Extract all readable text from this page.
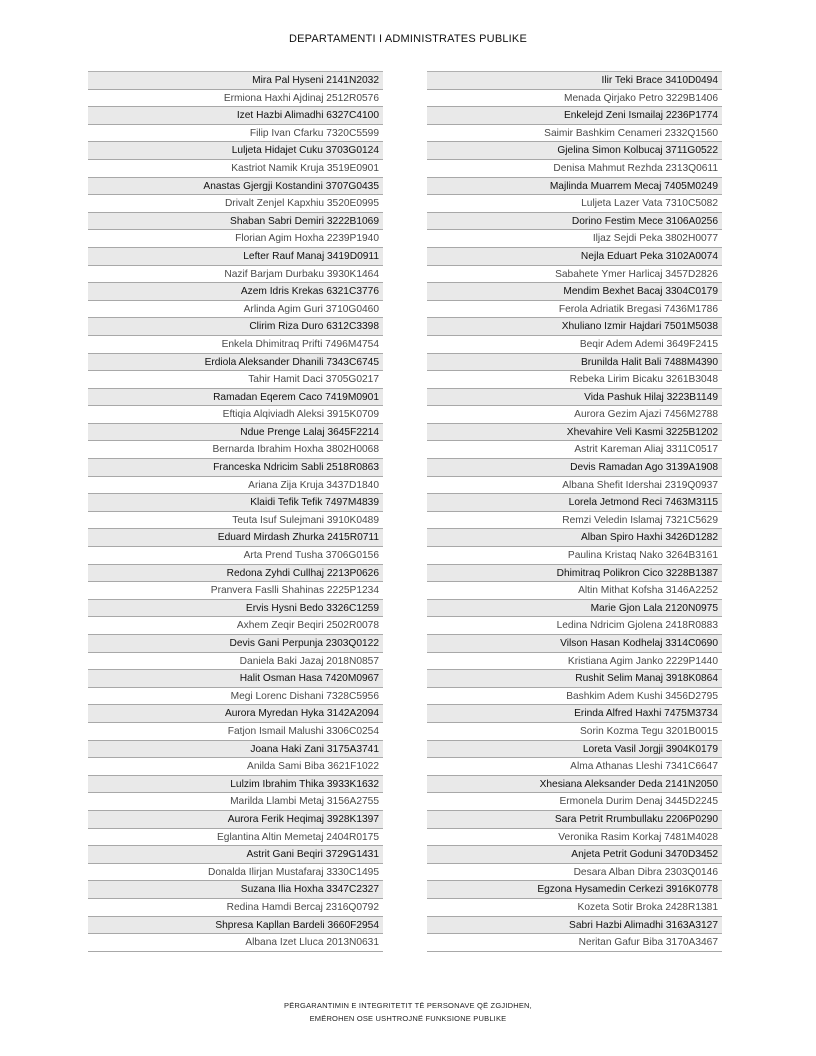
DEPARTAMENTI I ADMINISTRATES PUBLIKE
Mira Pal Hyseni 2141N2032
Ermiona Haxhi Ajdinaj 2512R0576
Izet Hazbi Alimadhi 6327C4100
Filip Ivan Cfarku 7320C5599
Luljeta Hidajet Cuku 3703G0124
Kastriot Namik Kruja 3519E0901
Anastas Gjergji Kostandini 3707G0435
Drivalt Zenjel Kapxhiu 3520E0995
Shaban Sabri Demiri 3222B1069
Florian Agim Hoxha 2239P1940
Lefter Rauf Manaj 3419D0911
Nazif Barjam Durbaku 3930K1464
Azem Idris Krekas 6321C3776
Arlinda Agim Guri 3710G0460
Clirim Riza Duro 6312C3398
Enkela Dhimitraq Prifti 7496M4754
Erdiola Aleksander Dhanili 7343C6745
Tahir Hamit Daci 3705G0217
Ramadan Eqerem Caco 7419M0901
Eftiqia Alqiviadh Aleksi 3915K0709
Ndue Prenge Lalaj 3645F2214
Bernarda Ibrahim Hoxha 3802H0068
Franceska Ndricim Sabli 2518R0863
Ariana Zija Kruja 3437D1840
Klaidi Tefik Tefik 7497M4839
Teuta Isuf Sulejmani 3910K0489
Eduard Mirdash Zhurka 2415R0711
Arta Prend Tusha 3706G0156
Redona Zyhdi Cullhaj 2213P0626
Pranvera Faslli Shahinas 2225P1234
Ervis Hysni Bedo 3326C1259
Axhem Zeqir Beqiri 2502R0078
Devis Gani Perpunja 2303Q0122
Daniela Baki Jazaj 2018N0857
Halit Osman Hasa 7420M0967
Megi Lorenc Dishani 7328C5956
Aurora Myredan Hyka 3142A2094
Fatjon Ismail Malushi 3306C0254
Joana Haki Zani 3175A3741
Anilda Sami Biba 3621F1022
Lulzim Ibrahim Thika 3933K1632
Marilda Llambi Metaj 3156A2755
Aurora Ferik Heqimaj 3928K1397
Eglantina Altin Memetaj 2404R0175
Astrit Gani Beqiri 3729G1431
Donalda Ilirjan Mustafaraj 3330C1495
Suzana Ilia Hoxha 3347C2327
Redina Hamdi Bercaj 2316Q0792
Shpresa Kapllan Bardeli 3660F2954
Albana Izet Lluca 2013N0631
Ilir Teki Brace 3410D0494
Menada Qirjako Petro 3229B1406
Enkelejd Zeni Ismailaj 2236P1774
Saimir Bashkim Cenameri 2332Q1560
Gjelina Simon Kolbucaj 3711G0522
Denisa Mahmut Rezhda 2313Q0611
Majlinda Muarrem Mecaj 7405M0249
Luljeta Lazer Vata 7310C5082
Dorino Festim Mece 3106A0256
Iljaz Sejdi Peka 3802H0077
Nejla Eduart Peka 3102A0074
Sabahete Ymer Harlicaj 3457D2826
Mendim Bexhet Bacaj 3304C0179
Ferola Adriatik Bregasi 7436M1786
Xhuliano Izmir Hajdari 7501M5038
Beqir Adem Ademi 3649F2415
Brunilda Halit Bali 7488M4390
Rebeka Lirim Bicaku 3261B3048
Vida Pashuk Hilaj 3223B1149
Aurora Gezim Ajazi 7456M2788
Xhevahire Veli Kasmi 3225B1202
Astrit Kareman Aliaj 3311C0517
Devis Ramadan Ago 3139A1908
Albana Shefit Idershai 2319Q0937
Lorela Jetmond Reci 7463M3115
Remzi Veledin Islamaj 7321C5629
Alban Spiro Haxhi 3426D1282
Paulina Kristaq Nako 3264B3161
Dhimitraq Polikron Cico 3228B1387
Altin Mithat Kofsha 3146A2252
Marie Gjon Lala 2120N0975
Ledina Ndricim Gjolena 2418R0883
Vilson Hasan Kodhelaj 3314C0690
Kristiana Agim Janko 2229P1440
Rushit Selim Manaj 3918K0864
Bashkim Adem Kushi 3456D2795
Erinda Alfred Haxhi 7475M3734
Sorin Kozma Tegu 3201B0015
Loreta Vasil Jorgji 3904K0179
Alma Athanas Lleshi 7341C6647
Xhesiana Aleksander Deda 2141N2050
Ermonela Durim Denaj 3445D2245
Sara Petrit Rrumbullaku 2206P0290
Veronika Rasim Korkaj 7481M4028
Anjeta Petrit Goduni 3470D3452
Desara Alban Dibra 2303Q0146
Egzona Hysamedin Cerkezi 3916K0778
Kozeta Sotir Broka 2428R1381
Sabri Hazbi Alimadhi 3163A3127
Neritan Gafur Biba 3170A3467
PËRGARANTIMIN E INTEGRITETIT TË PERSONAVE QË ZGJIDHEN,
EMËROHEN OSE USHTROJNË FUNKSIONE PUBLIKE
